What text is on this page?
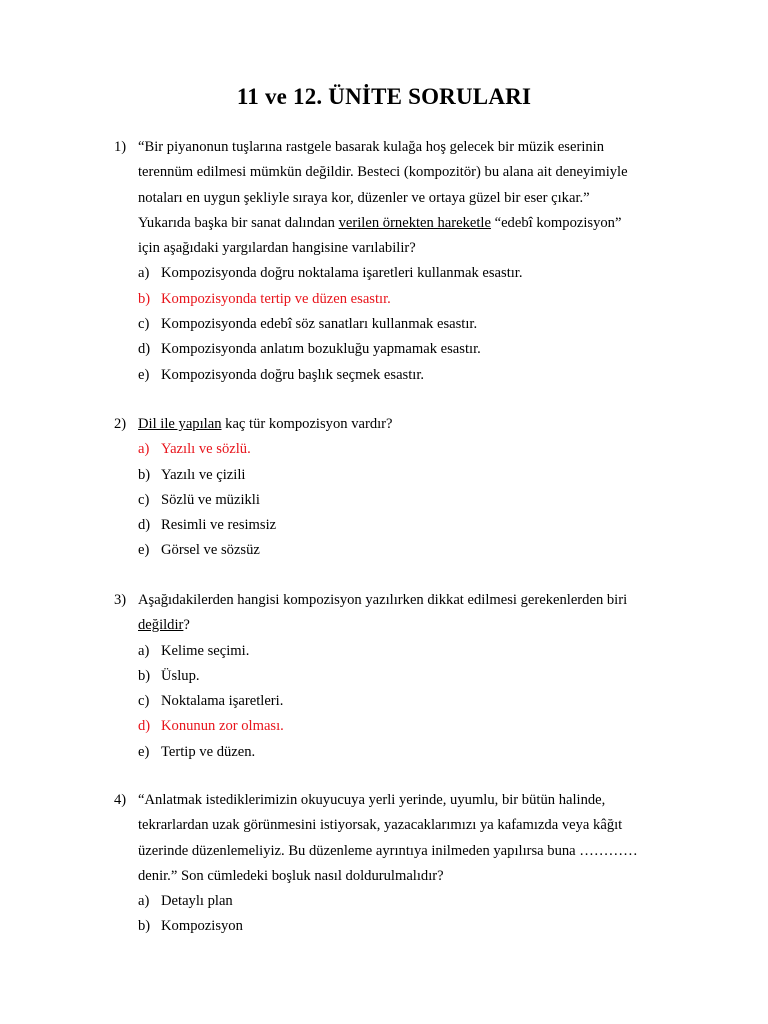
11 ve 12. ÜNİTE SORULARI
1) “Bir piyanonun tuşlarına rastgele basarak kulağa hoş gelecek bir müzik eserinin
terennüm edilmesi mümkün değildir. Besteci (kompozitör) bu alana ait deneyimiyle
notaları en uygun şekliyle sıraya kor, düzenler ve ortaya güzel bir eser çıkar.”
Yukarıda başka bir sanat dalından verilen örnekten hareketle “edebî kompozisyon”
için aşağıdaki yargılardan hangisine varılabilir?
a) Kompozisyonda doğru noktalama işaretleri kullanmak esastır.
b) Kompozisyonda tertip ve düzen esastır.
c) Kompozisyonda edebî söz sanatları kullanmak esastır.
d) Kompozisyonda anlatım bozukluğu yapmamak esastır.
e) Kompozisyonda doğru başlık seçmek esastır.
2) Dil ile yapılan kaç tür kompozisyon vardır?
a) Yazılı ve sözlü.
b) Yazılı ve çizili
c) Sözlü ve müzikli
d) Resimli ve resimsiz
e) Görsel ve sözsüz
3) Aşağıdakilerden hangisi kompozisyon yazılırken dikkat edilmesi gerekenlerden biri
değildir?
a) Kelime seçimi.
b) Üslup.
c) Noktalama işaretleri.
d) Konunun zor olması.
e) Tertip ve düzen.
4) “Anlatmak istediklerimizin okuyucuya yerli yerinde, uyumlu, bir bütün halinde,
tekrarlardan uzak görünmesini istiyorsak, yazacaklarımızı ya kafamızda veya kâğıt
üzerinde düzenlemeliyiz. Bu düzenleme ayrıntıya inilmeden yapılırsa buna …………
denir.” Son cümledeki boşluk nasıl doldurulmalıdır?
a) Detaylı plan
b) Kompozisyon
